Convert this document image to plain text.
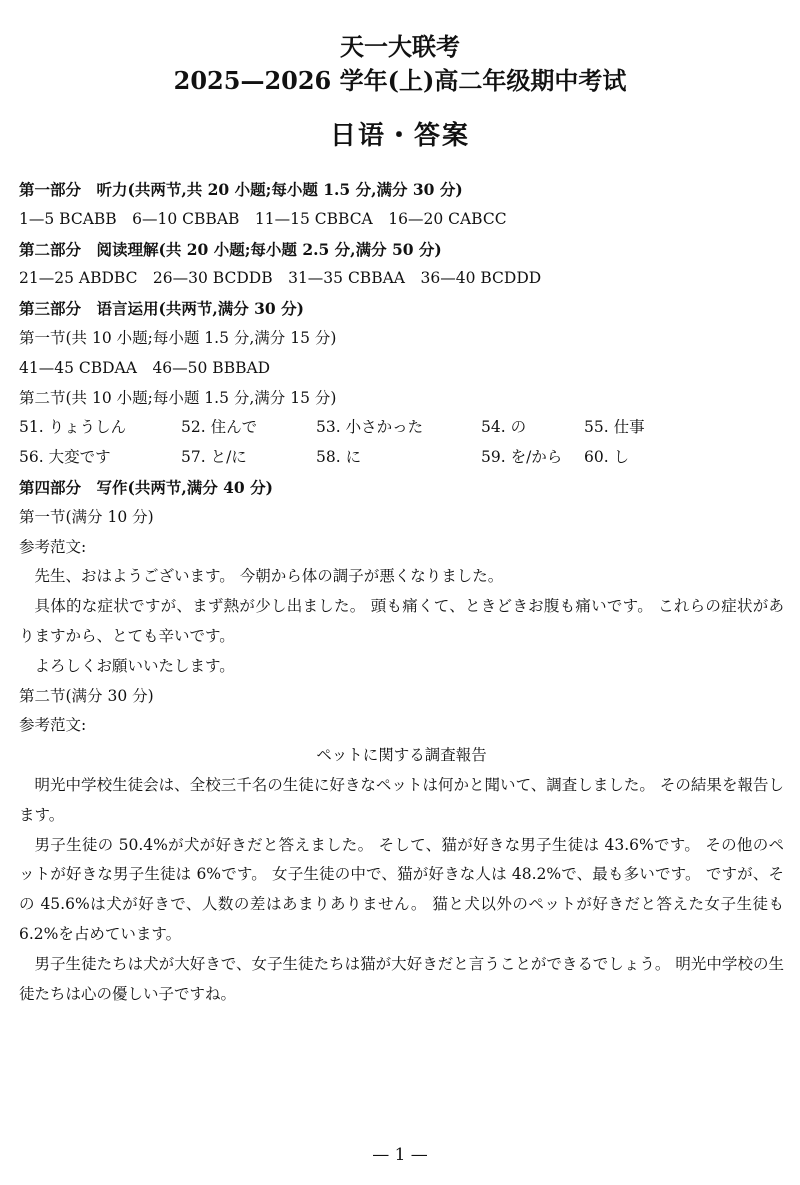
天一大联考
2025—2026 学年(上)高二年级期中考试
日语・答案
第一部分　听力(共两节,共 20 小题;每小题 1.5 分,满分 30 分)
1—5 BCABB　6—10 CBBAB　11—15 CBBCA　16—20 CABCC
第二部分　阅读理解(共 20 小题;每小题 2.5 分,满分 50 分)
21—25 ABDBC　26—30 BCDDB　31—35 CBBAA　36—40 BCDDD
第三部分　语言运用(共两节,满分 30 分)
第一节(共 10 小题;每小题 1.5 分,满分 15 分)
41—45 CBDAA　46—50 BBBAD
第二节(共 10 小题;每小题 1.5 分,满分 15 分)
51. りょうしん	52. 住んで	53. 小さかった	54. の	55. 仕事
56. 大変です	57. と/に	58. に	59. を/から	60. し
第四部分　写作(共两节,满分 40 分)
第一节(满分 10 分)
参考范文:
先生、おはようございます。 今朝から体の調子が悪くなりました。
具体的な症状ですが、まず熱が少し出ました。 頭も痛くて、ときどきお腹も痛いです。 これらの症状がありますから、とても辛いです。
よろしくお願いいたします。
第二节(满分 30 分)
参考范文:
ペットに関する調査報告
明光中学校生徒会は、全校三千名の生徒に好きなペットは何かと聞いて、調査しました。 その結果を報告します。
男子生徒の 50.4%が犬が好きだと答えました。 そして、猫が好きな男子生徒は 43.6%です。 その他のペットが好きな男子生徒は 6%です。 女子生徒の中で、猫が好きな人は 48.2%で、最も多いです。 ですが、その 45.6%は犬が好きで、人数の差はあまりありません。 猫と犬以外のペットが好きだと答えた女子生徒も 6.2%を占めています。
男子生徒たちは犬が大好きで、女子生徒たちは猫が大好きだと言うことができるでしょう。 明光中学校の生徒たちは心の優しい子ですね。
— 1 —
